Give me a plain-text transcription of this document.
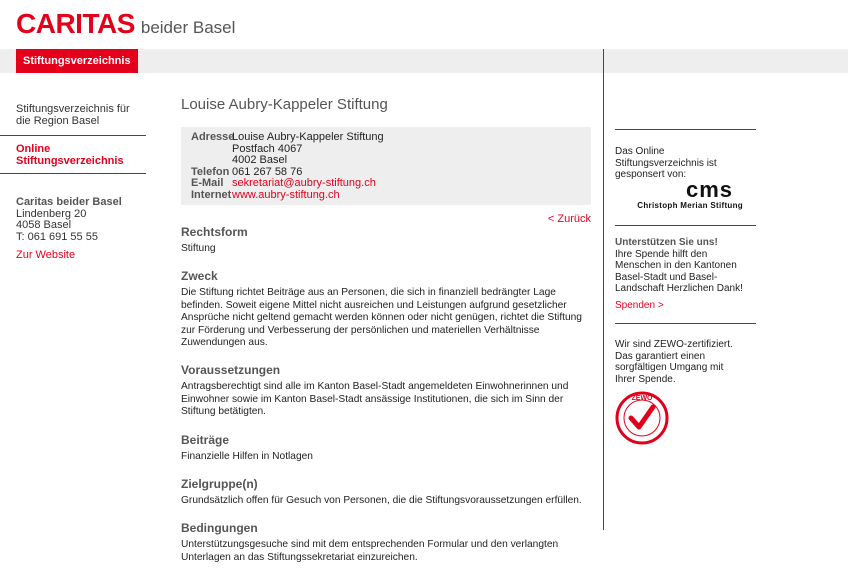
CARITAS beider Basel
Stiftungsverzeichnis
Stiftungsverzeichnis für die Region Basel
Online Stiftungsverzeichnis
Caritas beider Basel
Lindenberg 20
4058 Basel
T: 061 691 55 55
Zur Website
Louise Aubry-Kappeler Stiftung
Adresse
Louise Aubry-Kappeler Stiftung
Postfach 4067
4002 Basel
Telefon 061 267 58 76
E-Mail sekretariat@aubry-stiftung.ch
Internet www.aubry-stiftung.ch
< Zurück
Rechtsform

Stiftung

Zweck

Die Stiftung richtet Beiträge aus an Personen, die sich in finanziell bedrängter Lage befinden. Soweit eigene Mittel nicht ausreichen und Leistungen aufgrund gesetzlicher Ansprüche nicht geltend gemacht werden können oder nicht genügen, richtet die Stiftung zur Förderung und Verbesserung der persönlichen und materiellen Verhältnisse Zuwendungen aus.

Voraussetzungen

Antragsberechtigt sind alle im Kanton Basel-Stadt angemeldeten Einwohnerinnen und Einwohner sowie im Kanton Basel-Stadt ansässige Institutionen, die sich im Sinn der Stiftung betätigten.

Beiträge

Finanzielle Hilfen in Notlagen

Zielgruppe(n)

Grundsätzlich offen für Gesuch von Personen, die die Stiftungsvoraussetzungen erfüllen.

Bedingungen

Unterstützungsgesuche sind mit dem entsprechenden Formular und den verlangten Unterlagen an das Stiftungssekretariat einzureichen.

Das Online Stiftungsverzeichnis ist gesponsert von:
cms
Christoph Merian Stiftung
Unterstützen Sie uns!
Ihre Spende hilft den Menschen in den Kantonen Basel-Stadt und Basel-Landschaft Herzlichen Dank!
Spenden >
Wir sind ZEWO-zertifiziert. Das garantiert einen sorgfältigen Umgang mit Ihrer Spende.
ZEWO
